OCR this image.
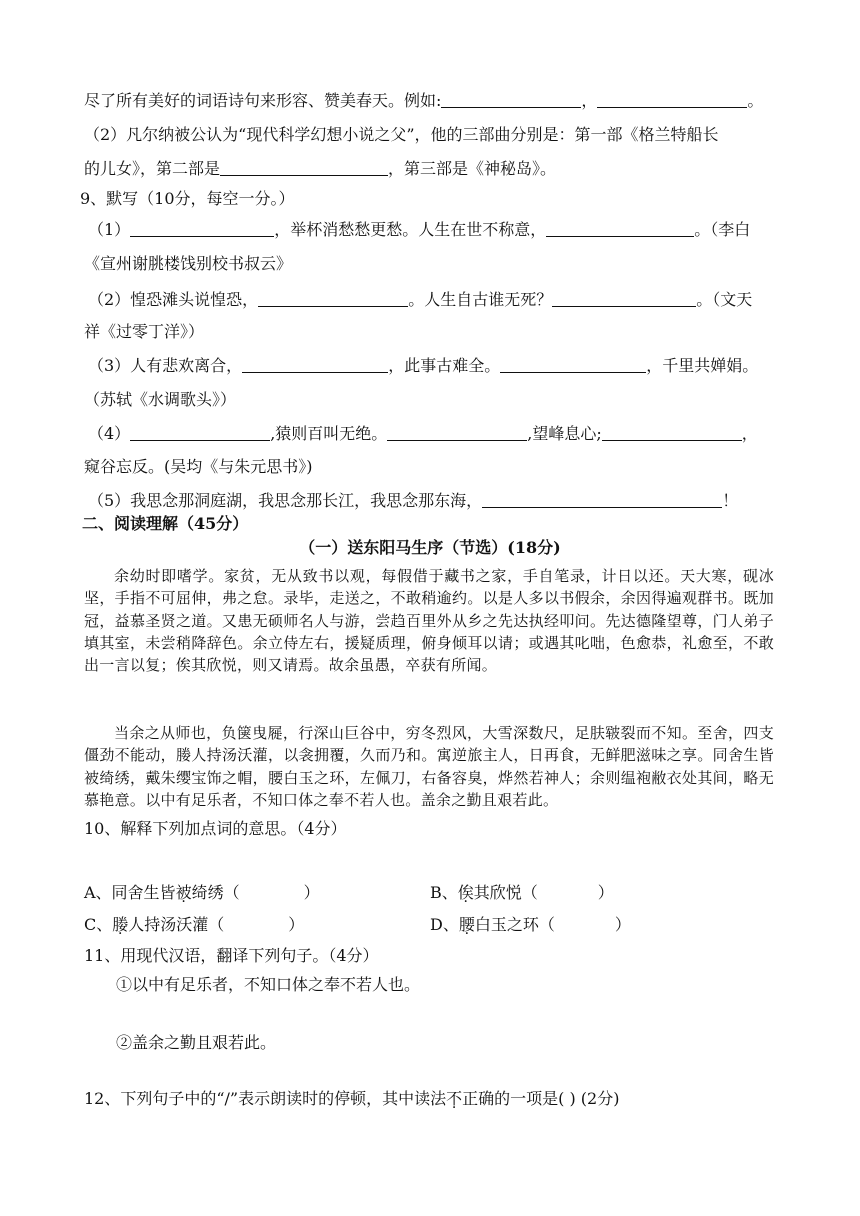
尽了所有美好的词语诗句来形容、赞美春天。例如:	，	。
（2）凡尔纳被公认为“现代科学幻想小说之父”，他的三部曲分别是：第一部《格兰特船长
的儿女》，第二部是	，第三部是《神秘岛》。
9、默写（10分，每空一分。）
（1）	，举杯消愁愁更愁。人生在世不称意，	。（李白
《宣州谢朓楼饯别校书叔云》
（2）惶恐滩头说惶恐，	。人生自古谁无死？	。（文天
祥《过零丁洋》）
（3）人有悲欢离合，	，此事古难全。	，千里共婵娟。
（苏轼《水调歌头》）
（4）	,猿则百叫无绝。	,望峰息心;	，
窥谷忘反。(吴均《与朱元思书》)
（5）我思念那洞庭湖，我思念那长江，我思念那东海，	！
二、阅读理解（45分）
（一）送东阳马生序（节选）(18分)
余幼时即嗜学。家贫，无从致书以观，每假借于藏书之家，手自笔录，计日以还。天大寒，砚冰坚，手指不可屈伸，弗之怠。录毕，走送之，不敢稍逾约。以是人多以书假余，余因得遍观群书。既加冠，益慕圣贤之道。又患无硕师名人与游，尝趋百里外从乡之先达执经叩问。先达德隆望尊，门人弟子填其室，未尝稍降辞色。余立侍左右，援疑质理，俯身倾耳以请；或遇其叱咄，色愈恭，礼愈至，不敢出一言以复；俟其欣悦，则又请焉。故余虽愚，卒获有所闻。
当余之从师也，负箧曳屣，行深山巨谷中，穷冬烈风，大雪深数尺，足肤皲裂而不知。至舍，四支僵劲不能动，媵人持汤沃灌，以衾拥覆，久而乃和。寓逆旅主人，日再食，无鲜肥滋味之享。同舍生皆被绮绣，戴朱缨宝饰之帽，腰白玉之环，左佩刀，右备容臭，烨然若神人；余则缊袍敝衣处其间，略无慕艳意。以中有足乐者，不知口体之奉不若人也。盖余之勤且艰若此。
10、解释下列加点词的意思。（4分）
A、同舍生皆被绮绣（	）	B、俟其欣悦（	）
C、媵人持汤沃灌（	）	D、腰白玉之环（	）
11、用现代汉语，翻译下列句子。（4分）
①以中有足乐者，不知口体之奉不若人也。
②盖余之勤且艰若此。
12、下列句子中的“/”表示朗读时的停顿，其中读法不正确的一项是( ) (2分)
